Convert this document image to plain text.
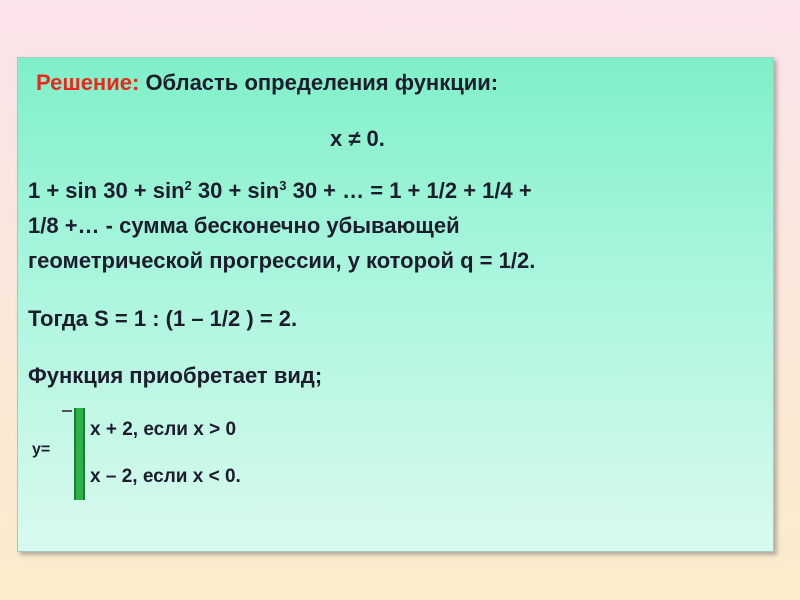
Решение: Область определения функции:
x ≠ 0.
$1 + \sin 30 + \sin^2 30 + \sin^3 30$ + … = 1 + 1/2 + 1/4 +
1/8 +… - сумма бесконечно убывающей
геометрической прогрессии, у которой q = 1/2.
Тогда S = 1 : (1 – 1/2 ) = 2.
Функция приобретает вид;
y=
x + 2, если x > 0
x – 2, если x < 0.
